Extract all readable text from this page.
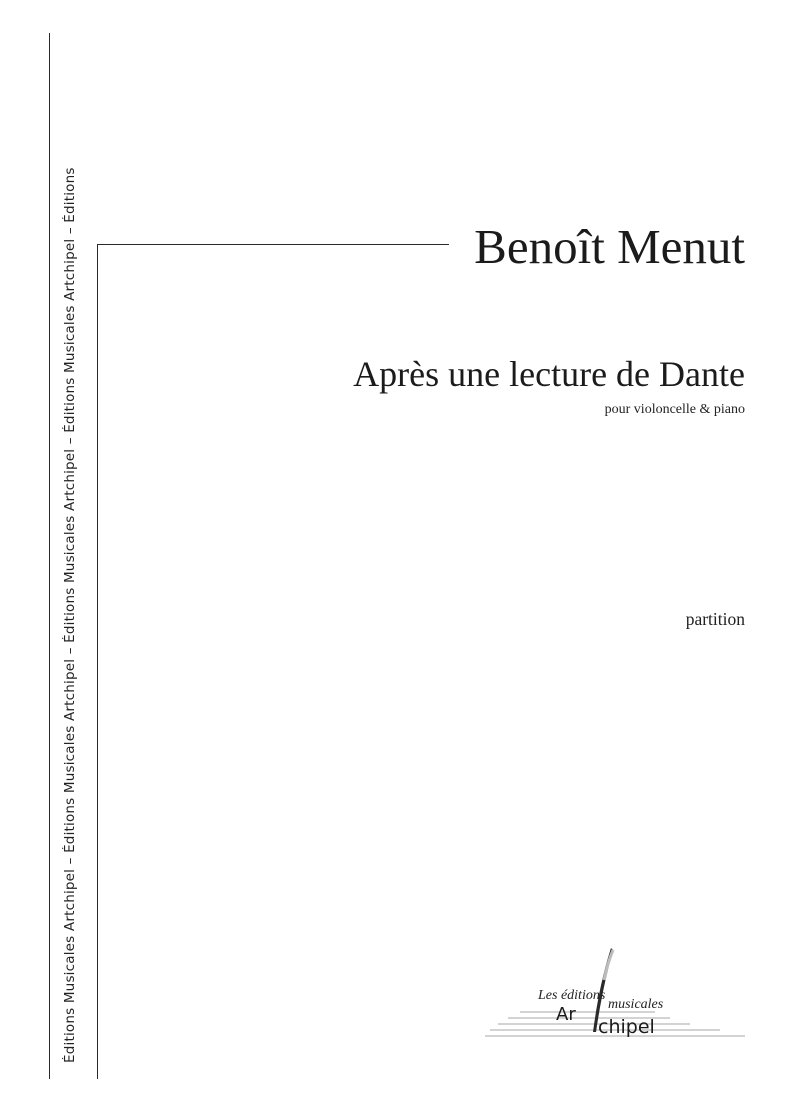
Éditions Musicales Artchipel – Éditions Musicales Artchipel – Éditions Musicales Artchipel – Éditions Musicales Artchipel – Éditions	Benoît Menut
Après une lecture de Dante
pour violoncelle & piano
partition
Les éditions
musicales
Ar
chipel
